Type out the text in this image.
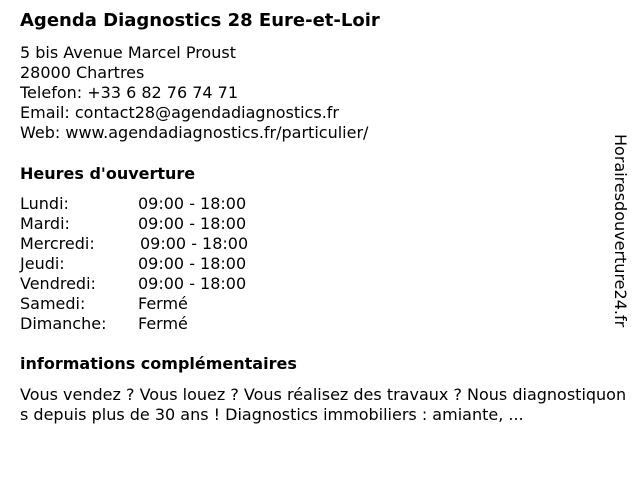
Agenda Diagnostics 28 Eure-et-Loir
5 bis Avenue Marcel Proust
28000 Chartres
Telefon: +33 6 82 76 74 71
Email: contact28@agendadiagnostics.fr
Web: www.agendadiagnostics.fr/particulier/
Heures d'ouverture
Lundi:	09:00 - 18:00
Mardi:	09:00 - 18:00
Mercredi:	09:00 - 18:00
Jeudi:	09:00 - 18:00
Vendredi:	09:00 - 18:00
Samedi:	Fermé
Dimanche: Fermé
informations complémentaires
Vous vendez ? Vous louez ? Vous réalisez des travaux ? Nous diagnostiquons depuis plus de 30 ans ! Diagnostics immobiliers : amiante, ...
Horairesdouverture24.fr
